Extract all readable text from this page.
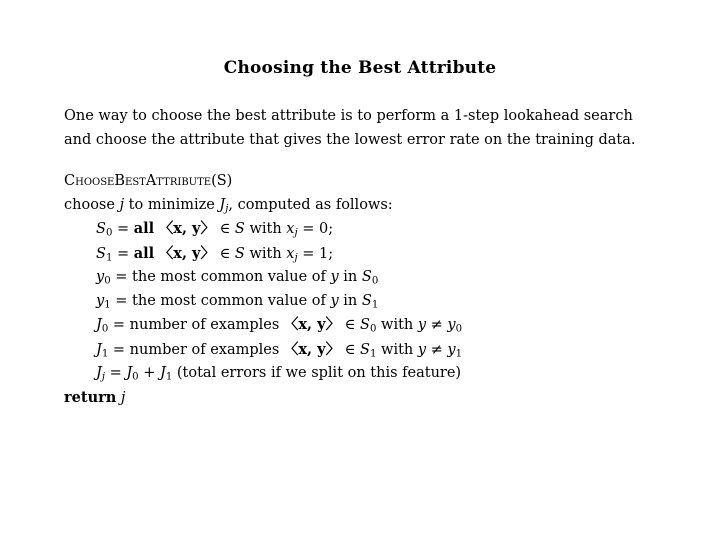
Choosing the Best Attribute
One way to choose the best attribute is to perform a 1-step lookahead search and choose the attribute that gives the lowest error rate on the training data.
ChooseBestAttribute(S)
choose j to minimize $J_j$, computed as follows:
$S_0$ = all 〈x, y〉 ∈ S with $x_j = 0$;
$S_1$ = all 〈x, y〉 ∈ S with $x_j = 1$;
$y_0$ = the most common value of y in $S_0$
$y_1$ = the most common value of y in $S_1$
$J_0$ = number of examples 〈x, y〉 ∈ $S_0$ with $y \ne y_0$
$J_1$ = number of examples 〈x, y〉 ∈ $S_1$ with $y \ne y_1$
$J_j = J_0 + J_1$ (total errors if we split on this feature)
return j
